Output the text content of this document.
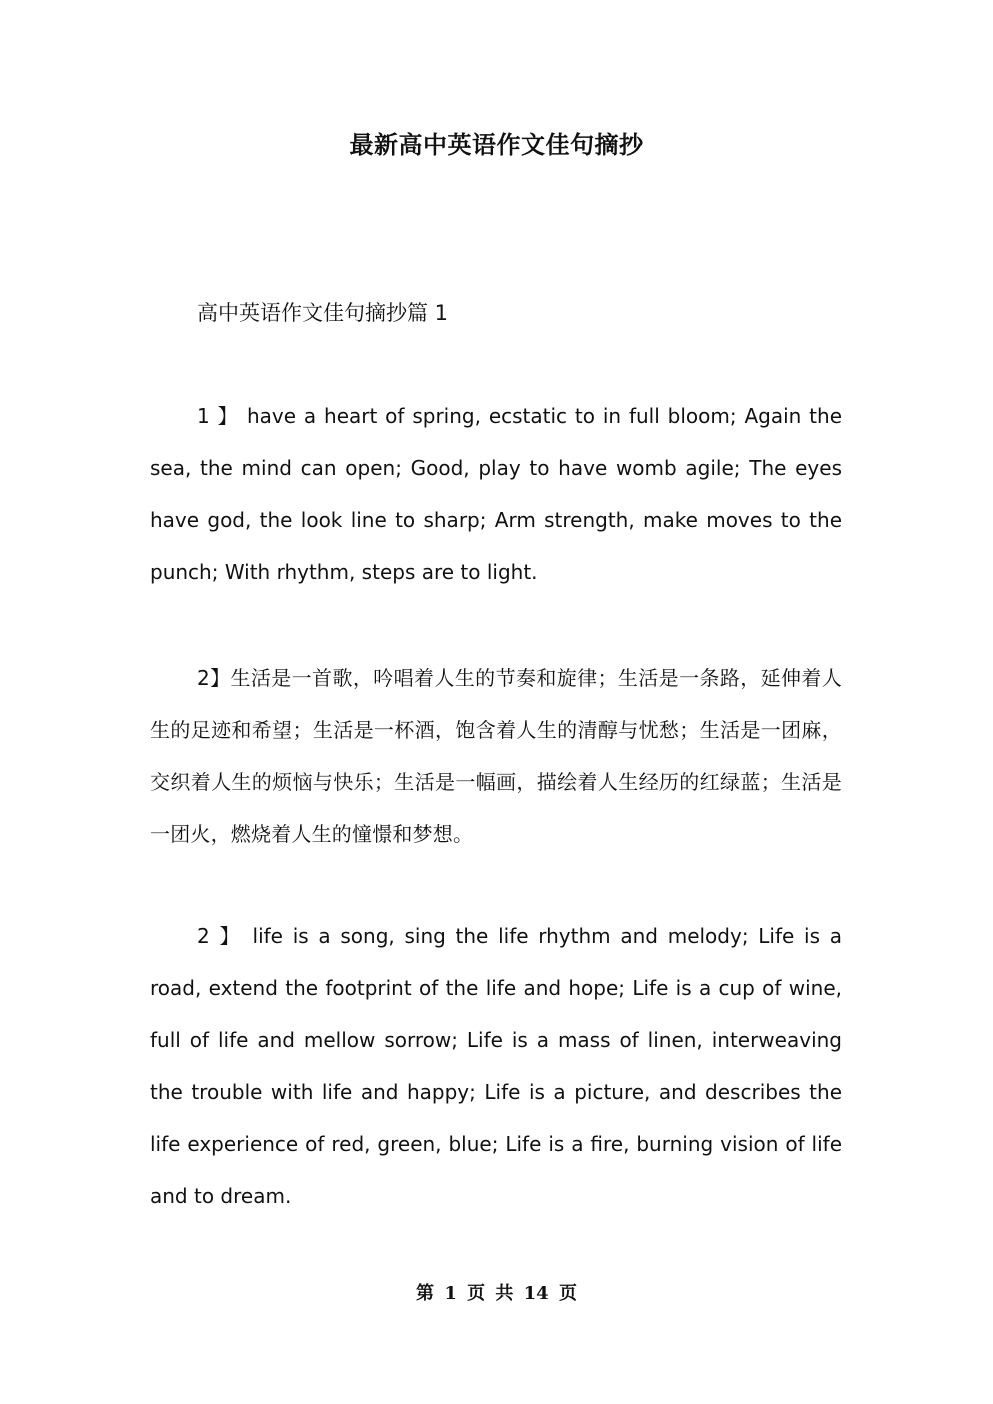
最新高中英语作文佳句摘抄
高中英语作文佳句摘抄篇 1

1 】 have a heart of spring, ecstatic to in full bloom; Again the sea, the mind can open; Good, play to have womb agile; The eyes have god, the look line to sharp; Arm strength, make moves to the punch; With rhythm, steps are to light.

2】生活是一首歌，吟唱着人生的节奏和旋律；生活是一条路，延伸着人生的足迹和希望；生活是一杯酒，饱含着人生的清醇与忧愁；生活是一团麻，交织着人生的烦恼与快乐；生活是一幅画，描绘着人生经历的红绿蓝；生活是一团火，燃烧着人生的憧憬和梦想。

2 】 life is a song, sing the life rhythm and melody; Life is a road, extend the footprint of the life and hope; Life is a cup of wine, full of life and mellow sorrow; Life is a mass of linen, interweaving the trouble with life and happy; Life is a picture, and describes the life experience of red, green, blue; Life is a fire, burning vision of life and to dream.

第 1 页 共 14 页
